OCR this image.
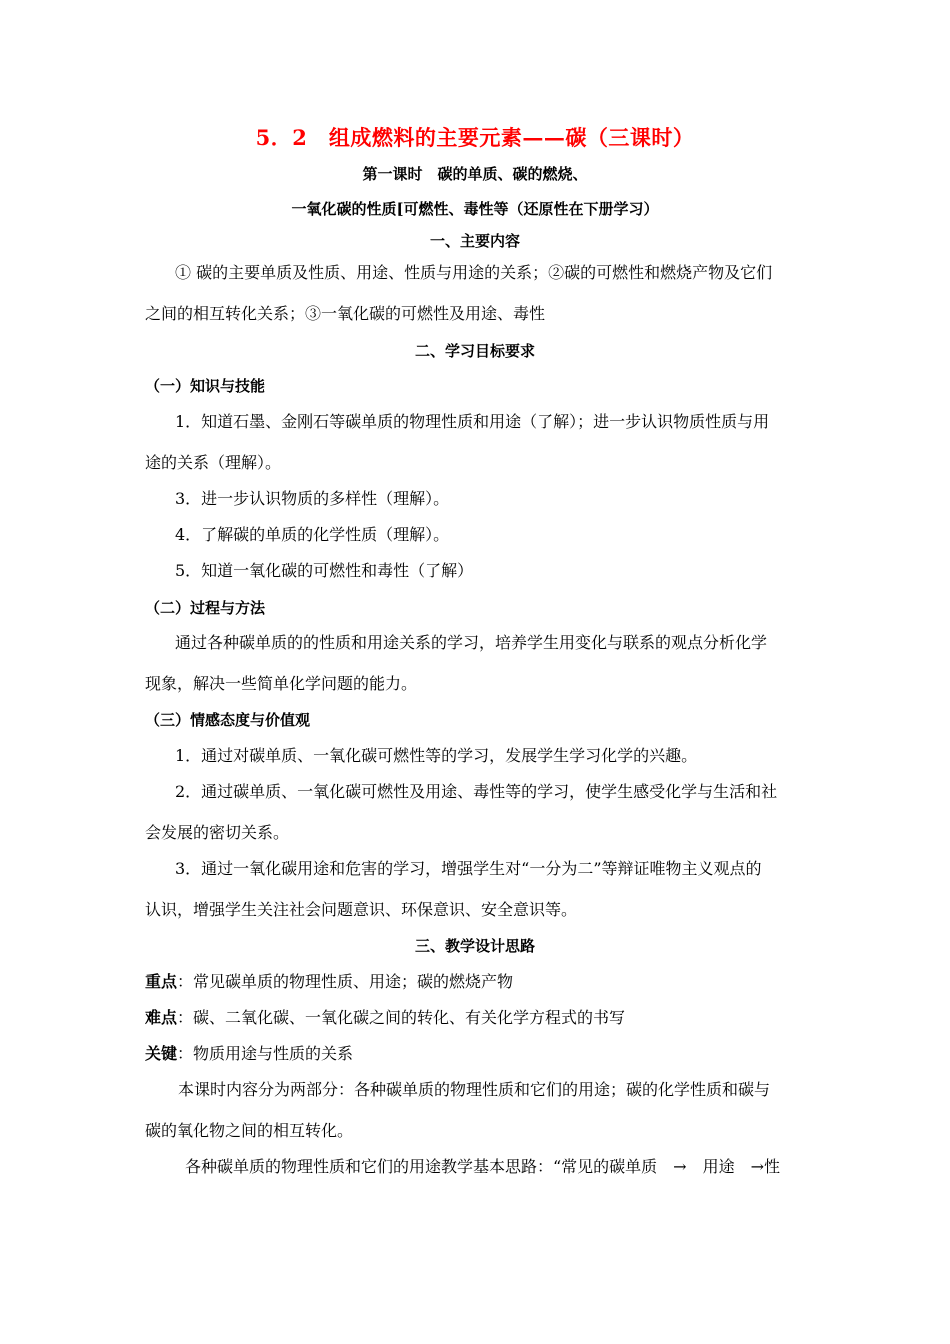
5．2　组成燃料的主要元素——碳（三课时）
第一课时　碳的单质、碳的燃烧、
一氧化碳的性质[可燃性、毒性等（还原性在下册学习）
一、主要内容
① 碳的主要单质及性质、用途、性质与用途的关系；②碳的可燃性和燃烧产物及它们
之间的相互转化关系；③一氧化碳的可燃性及用途、毒性
二、学习目标要求
（一）知识与技能
1．知道石墨、金刚石等碳单质的物理性质和用途（了解）；进一步认识物质性质与用
途的关系（理解）。
3．进一步认识物质的多样性（理解）。
4．了解碳的单质的化学性质（理解）。
5．知道一氧化碳的可燃性和毒性（了解）
（二）过程与方法
通过各种碳单质的的性质和用途关系的学习，培养学生用变化与联系的观点分析化学
现象，解决一些简单化学问题的能力。
（三）情感态度与价值观
1．通过对碳单质、一氧化碳可燃性等的学习，发展学生学习化学的兴趣。
2．通过碳单质、一氧化碳可燃性及用途、毒性等的学习，使学生感受化学与生活和社
会发展的密切关系。
3．通过一氧化碳用途和危害的学习，增强学生对“一分为二”等辩证唯物主义观点的
认识，增强学生关注社会问题意识、环保意识、安全意识等。
三、教学设计思路
重点：常见碳单质的物理性质、用途；碳的燃烧产物
难点：碳、二氧化碳、一氧化碳之间的转化、有关化学方程式的书写
关键：物质用途与性质的关系
本课时内容分为两部分：各种碳单质的物理性质和它们的用途；碳的化学性质和碳与
碳的氧化物之间的相互转化。
各种碳单质的物理性质和它们的用途教学基本思路：“常见的碳单质　→　用途　→性
